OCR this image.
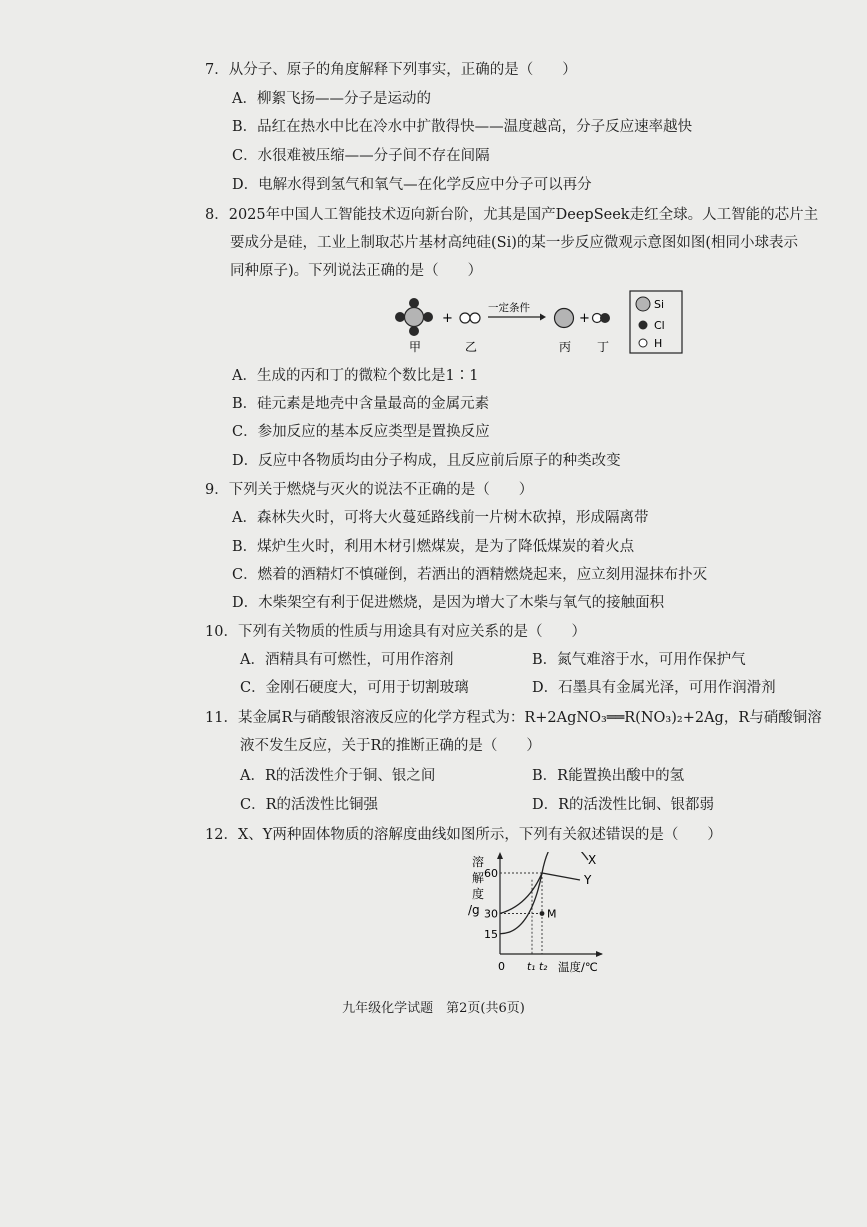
7．从分子、原子的角度解释下列事实，正确的是（　　）
A．柳絮飞扬——分子是运动的
B．品红在热水中比在冷水中扩散得快——温度越高，分子反应速率越快
C．水很难被压缩——分子间不存在间隔
D．电解水得到氢气和氧气—在化学反应中分子可以再分
8．2025年中国人工智能技术迈向新台阶，尤其是国产DeepSeek走红全球。人工智能的芯片主
要成分是硅，工业上制取芯片基材高纯硅(Si)的某一步反应微观示意图如图(相同小球表示
同种原子)。下列说法正确的是（　　）
+
一定条件
+
甲	乙	丙 丁
Si
Cl
H
A．生成的丙和丁的微粒个数比是1∶1
B．硅元素是地壳中含量最高的金属元素
C．参加反应的基本反应类型是置换反应
D．反应中各物质均由分子构成，且反应前后原子的种类改变
9．下列关于燃烧与灭火的说法不正确的是（　　）
A．森林失火时，可将大火蔓延路线前一片树木砍掉，形成隔离带
B．煤炉生火时，利用木材引燃煤炭，是为了降低煤炭的着火点
C．燃着的酒精灯不慎碰倒，若洒出的酒精燃烧起来，应立刻用湿抹布扑灭
D．木柴架空有利于促进燃烧，是因为增大了木柴与氧气的接触面积
10．下列有关物质的性质与用途具有对应关系的是（　　）
A．酒精具有可燃性，可用作溶剂	B．氮气难溶于水，可用作保护气
C．金刚石硬度大，可用于切割玻璃	D．石墨具有金属光泽，可用作润滑剂
11．某金属R与硝酸银溶液反应的化学方程式为：R+2AgNO₃══R(NO₃)₂+2Ag，R与硝酸铜溶
液不发生反应，关于R的推断正确的是（　　）
A．R的活泼性介于铜、银之间	B．R能置换出酸中的氢
C．R的活泼性比铜强	D．R的活泼性比铜、银都弱
12．X、Y两种固体物质的溶解度曲线如图所示，下列有关叙述错误的是（　　）
溶
解
度
/g
X
Y
M
15
30
60
0 t₁ t₂ 温度/℃
九年级化学试题　第2页(共6页)
